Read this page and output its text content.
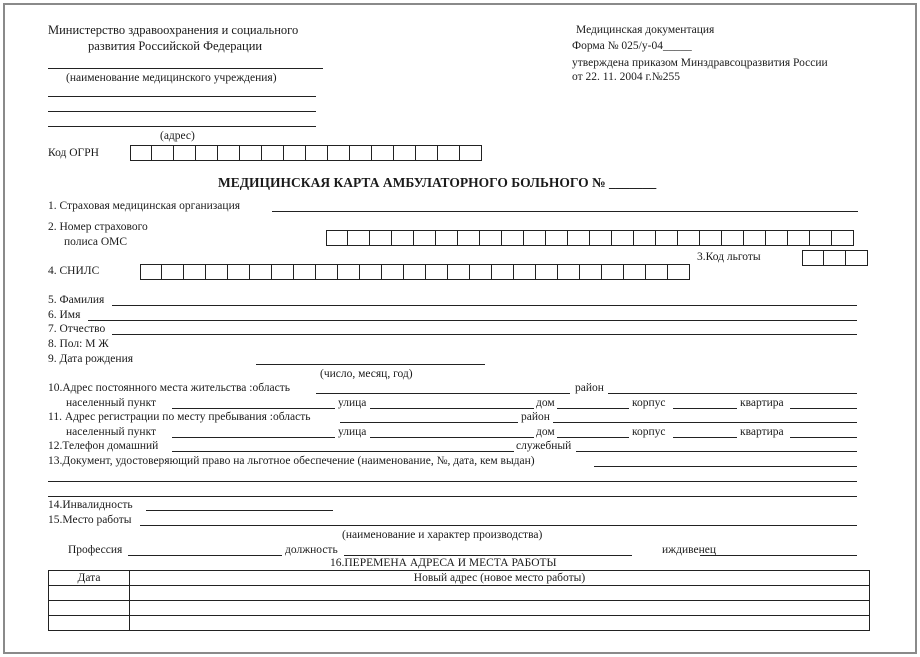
Министерство здравоохранения и социального
развития Российской Федерации
(наименование медицинского учреждения)
(адрес)
Код ОГРН
Медицинская документация
Форма № 025/у-04_____
утверждена приказом Минздравсоцразвития России
от 22. 11. 2004 г.№255
МЕДИЦИНСКАЯ КАРТА АМБУЛАТОРНОГО БОЛЬНОГО № _______
1. Страховая медицинская организация
2. Номер страхового
полиса ОМС
3.Код льготы
4. СНИЛС
5. Фамилия
6. Имя
7. Отчество
8. Пол: М Ж
9. Дата рождения
(число, месяц, год)
10.Адрес постоянного места жительства :область	район
населенный пункт	улица	дом	корпус	квартира
11. Адрес регистрации по месту пребывания :область	район
населенный пункт	улица	дом	корпус	квартира
12.Телефон домашний	служебный
13.Документ, удостоверяющий право на льготное обеспечение (наименование, №, дата, кем выдан)
14.Инвалидность
15.Место работы
(наименование и характер производства)
Профессия	должность	иждивенец
16.ПЕРЕМЕНА АДРЕСА И МЕСТА РАБОТЫ
Дата	Новый адрес (новое место работы)
